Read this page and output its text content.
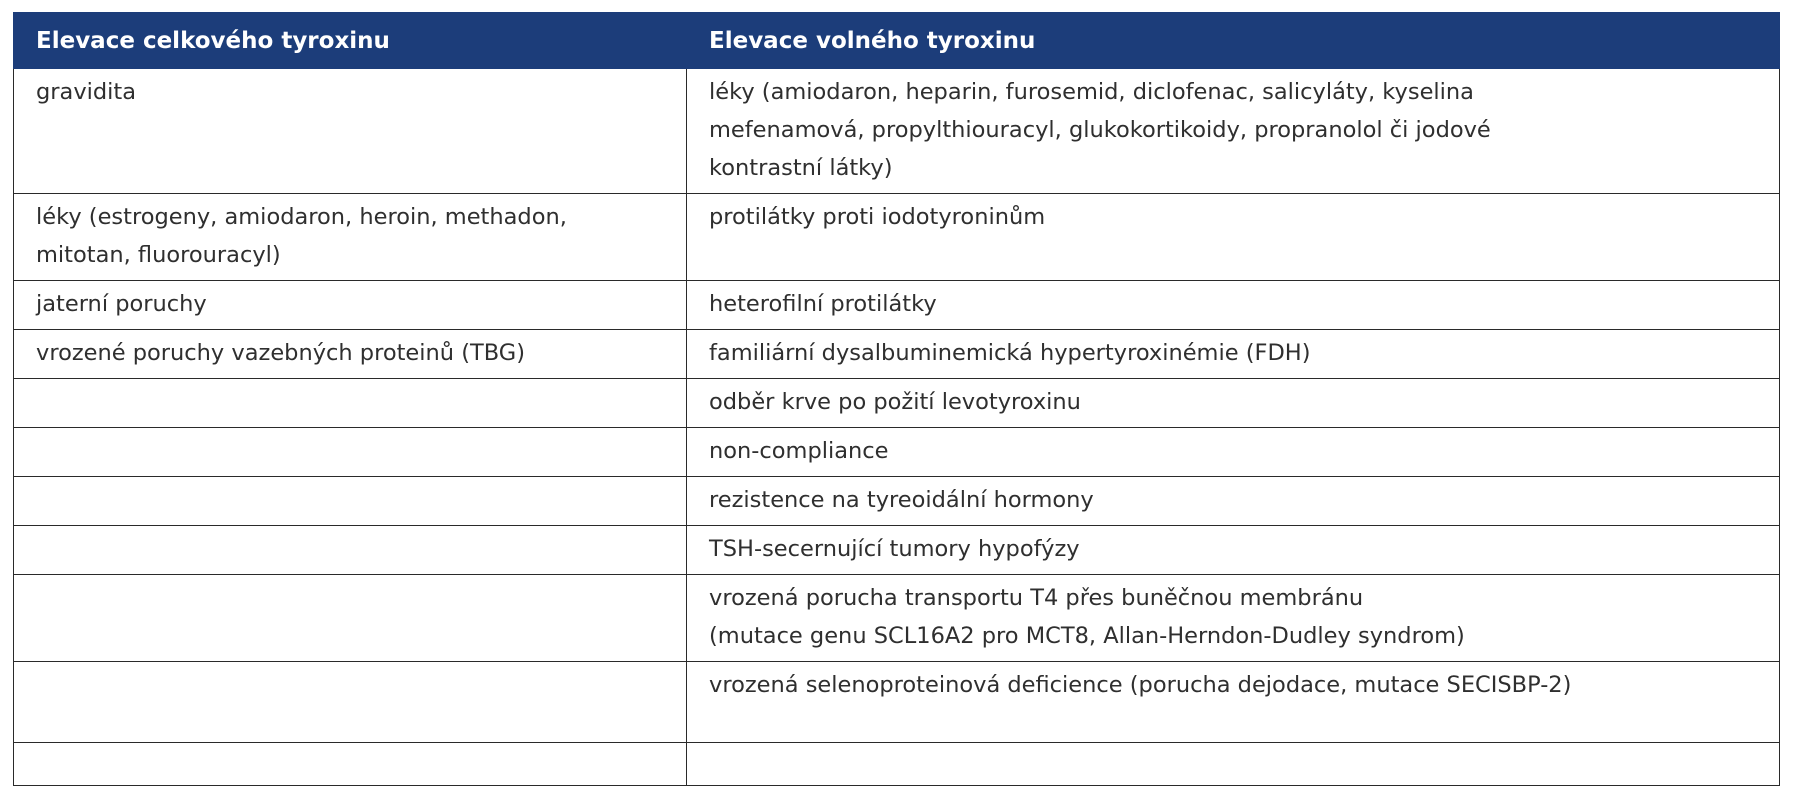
Elevace celkového tyroxinu	Elevace volného tyroxinu
gravidita	léky (amiodaron, heparin, furosemid, diclofenac, salicyláty, kyselina
mefenamová, propylthiouracyl, glukokortikoidy, propranolol či jodové
kontrastní látky)
léky (estrogeny, amiodaron, heroin, methadon,
mitotan, fluorouracyl)	protilátky proti iodotyroninům
jaterní poruchy	heterofilní protilátky
vrozené poruchy vazebných proteinů (TBG)	familiární dysalbuminemická hypertyroxinémie (FDH)
	odběr krve po požití levotyroxinu
	non-compliance
	rezistence na tyreoidální hormony
	TSH-secernující tumory hypofýzy
	vrozená porucha transportu T4 přes buněčnou membránu
(mutace genu SCL16A2 pro MCT8, Allan-Herndon-Dudley syndrom)
	vrozená selenoproteinová deficience (porucha dejodace, mutace SECISBP-2)
